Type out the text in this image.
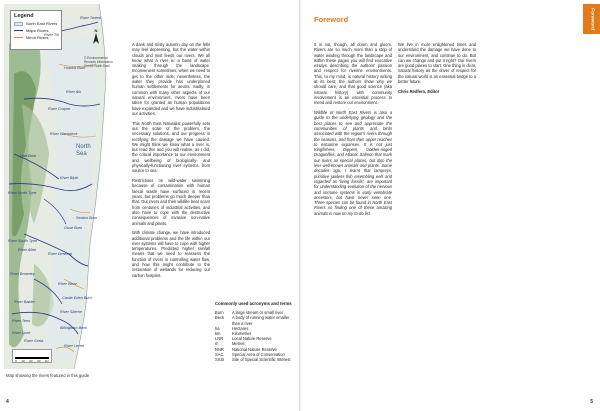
Legend
North East Rivers
Major Rivers
Minor Rivers
N
© Environmental Records Information Centre North East
North
Sea
River Tweed
River Till
Howick Burn
River Aln
River Coquet
River Wansbeck
Hart Burn
River Blyth
River North Tyne
Seaton Burn
Ouse Burn
River South Tyne
River Allen
River Derwent
River Browney
River Wear
Castle Eden Burn
River Balder
River Skerne
River Tees
Billingham Beck
River Lune
River Greta
River Leven
0 10 20 30 km
Map showing the rivers featured in this guide

A dank and misty autumn day on the fells may feel depressing, but the water within clouds and mist feeds our rivers. We all know what a river is: a band of water snaking through the landscape. Inconvenient sometimes, when we need to get to the other side; nevertheless, the water they provide has underpinned human settlements for aeons. Sadly, in common with many other aspects of our natural environment, rivers have been taken for granted as human populations have expanded and we have industrialised our activities.

This North East Naturalist powerfully sets out the scale of the problem, the necessary solutions, and our progress in rectifying the damage we have caused. We might think we know what a river is, but read this and you will realise, as I did, the critical importance to our environment and wellbeing of biologically- and physically-functioning river systems, from source to sea.

Restrictions on wild-water swimming because of contamination with human faecal waste have surfaced in recent years, but problems go much deeper than that. Our rivers and their wildlife bear scars from centuries of industrial activities, and also have to cope with the destructive consequences of invasive non-native animals and plants.

With climate change, we have introduced additional problems and the life within our river systems will have to cope with higher temperatures. Predicted higher rainfall means that we need to reassess the function of rivers in controlling water flow, and how this might contribute to the restoration of wetlands for reducing our carbon footprint.

Commonly used acronyms and terms
Burn	A large stream or small river
Beck	A body of running water smaller than a river
ha	Hectares
km	Kilometres
LNR	Local Nature Reserve
m	Metres
NNR	National Nature Reserve
SAC	Special Area of Conservation
SSSI	Site of Special Scientific Interest
4
Foreword

It is not, though, all doom and gloom. Rivers are so much more than a strip of water winding through the landscape and within these pages you will find evocative essays describing the authors' passion and respect for riverine environments. This, to my mind, is natural history writing at its best; the authors show why we should care, and that good science (aka natural history) with community involvement is an essential process to mend and restore our environment.

Wildlife of North East Rivers is also a guide to the underlying geology and the best places to see and appreciate the communities of plants and birds associated with the region's rivers through the seasons, and from their upper reaches to estuarine expanses. It is not just Kingfishers, Dippers, Golden-ringed Dragonflies, and Atlantic Salmon that mark our rivers as special places, but also the less-well-known animals and plants. Some decades ago, I learnt that lampreys, primitive jawless fish resembling eels and regarded as 'living fossils', are important for understanding evolution of the nervous and immune systems in early vertebrate ancestors, but have never seen one. Three species can be found in North East Rivers so finding one of these amazing animals is now on my to-do list.

We live in more enlightened times and understand the damage we have done to our environment, and continue to do. But can we change and put it right? Our rivers are good places to start. One thing is clear, natural history as the driver of respect for the natural world is an essential bridge to a better future.

Chris Redfern, Editor

Foreword
5
